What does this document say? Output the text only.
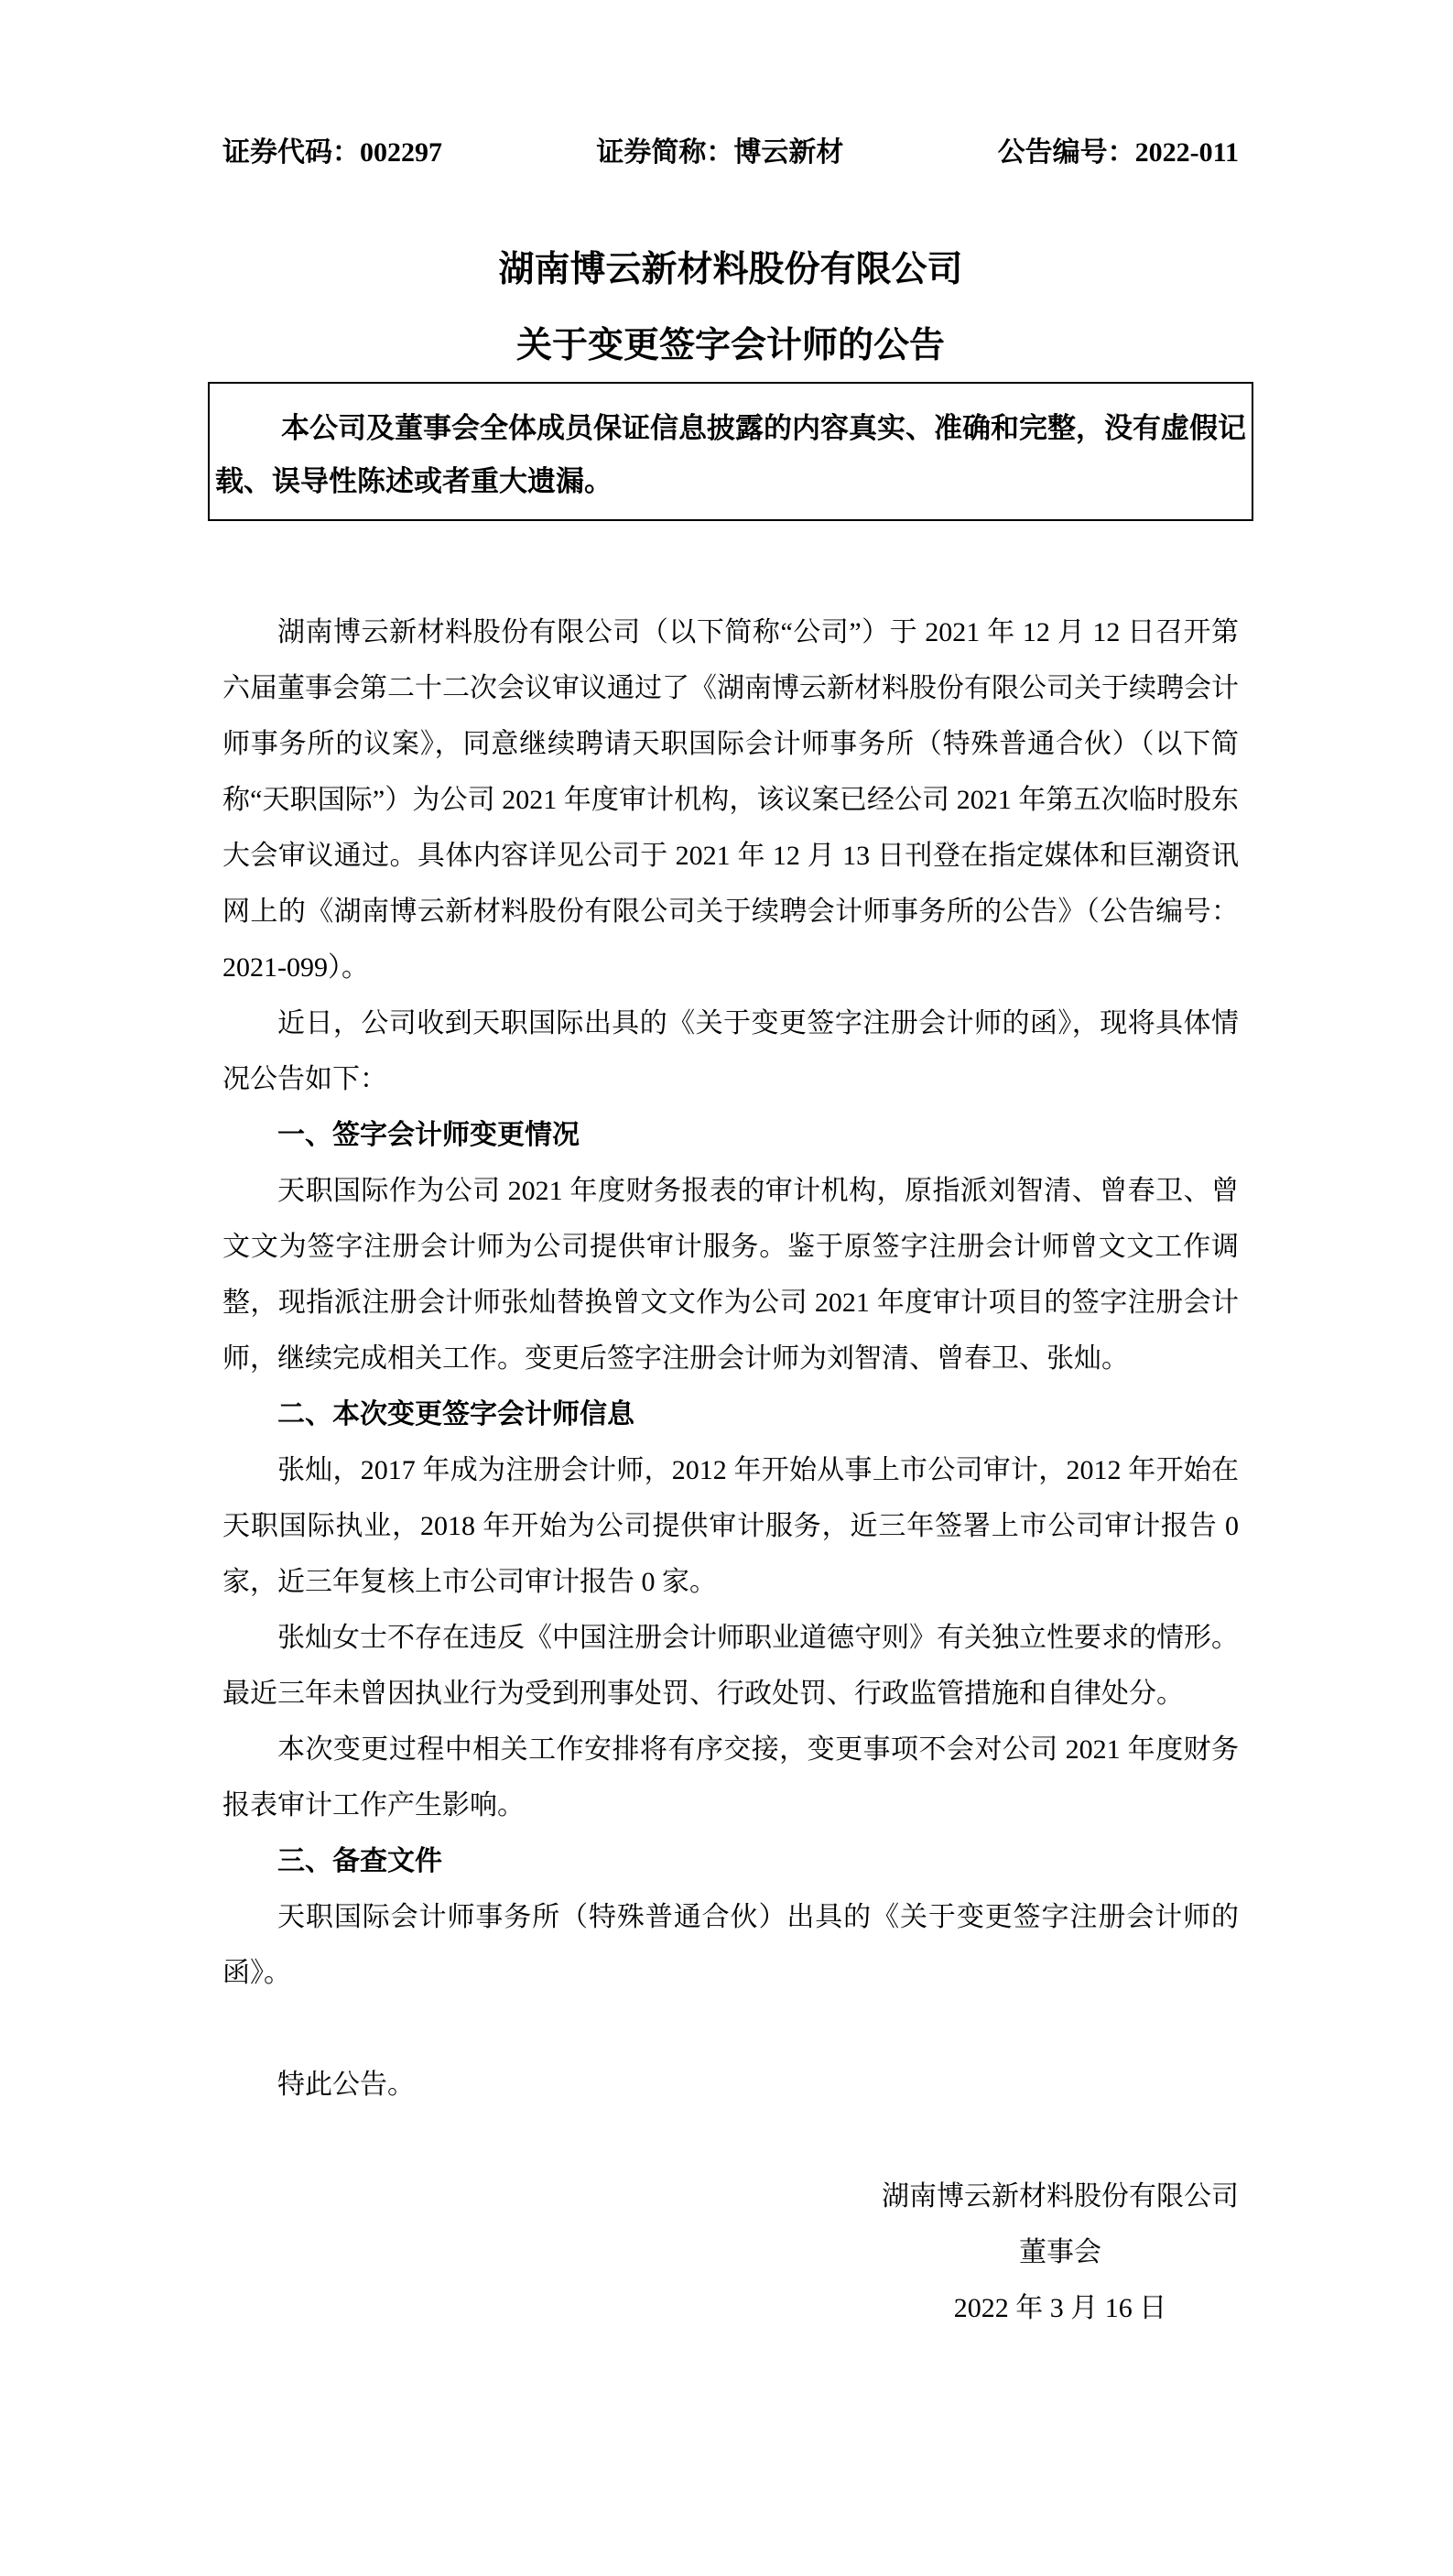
证券代码：002297	证券简称：博云新材	公告编号：2022-011
湖南博云新材料股份有限公司
关于变更签字会计师的公告

本公司及董事会全体成员保证信息披露的内容真实、准确和完整，没有虚假记载、误导性陈述或者重大遗漏。

湖南博云新材料股份有限公司（以下简称“公司”）于 2021 年 12 月 12 日召开第六届董事会第二十二次会议审议通过了《湖南博云新材料股份有限公司关于续聘会计师事务所的议案》，同意继续聘请天职国际会计师事务所（特殊普通合伙）（以下简称“天职国际”）为公司 2021 年度审计机构，该议案已经公司 2021 年第五次临时股东大会审议通过。具体内容详见公司于 2021 年 12 月 13 日刊登在指定媒体和巨潮资讯网上的《湖南博云新材料股份有限公司关于续聘会计师事务所的公告》（公告编号：2021-099）。

近日，公司收到天职国际出具的《关于变更签字注册会计师的函》，现将具体情况公告如下：

一、签字会计师变更情况

天职国际作为公司 2021 年度财务报表的审计机构，原指派刘智清、曾春卫、曾文文为签字注册会计师为公司提供审计服务。鉴于原签字注册会计师曾文文工作调整，现指派注册会计师张灿替换曾文文作为公司 2021 年度审计项目的签字注册会计师，继续完成相关工作。变更后签字注册会计师为刘智清、曾春卫、张灿。

二、本次变更签字会计师信息

张灿，2017 年成为注册会计师，2012 年开始从事上市公司审计，2012 年开始在天职国际执业，2018 年开始为公司提供审计服务，近三年签署上市公司审计报告 0 家，近三年复核上市公司审计报告 0 家。

张灿女士不存在违反《中国注册会计师职业道德守则》有关独立性要求的情形。最近三年未曾因执业行为受到刑事处罚、行政处罚、行政监管措施和自律处分。

本次变更过程中相关工作安排将有序交接，变更事项不会对公司 2021 年度财务报表审计工作产生影响。

三、备查文件

天职国际会计师事务所（特殊普通合伙）出具的《关于变更签字注册会计师的函》。

特此公告。

湖南博云新材料股份有限公司
董事会
2022 年 3 月 16 日
